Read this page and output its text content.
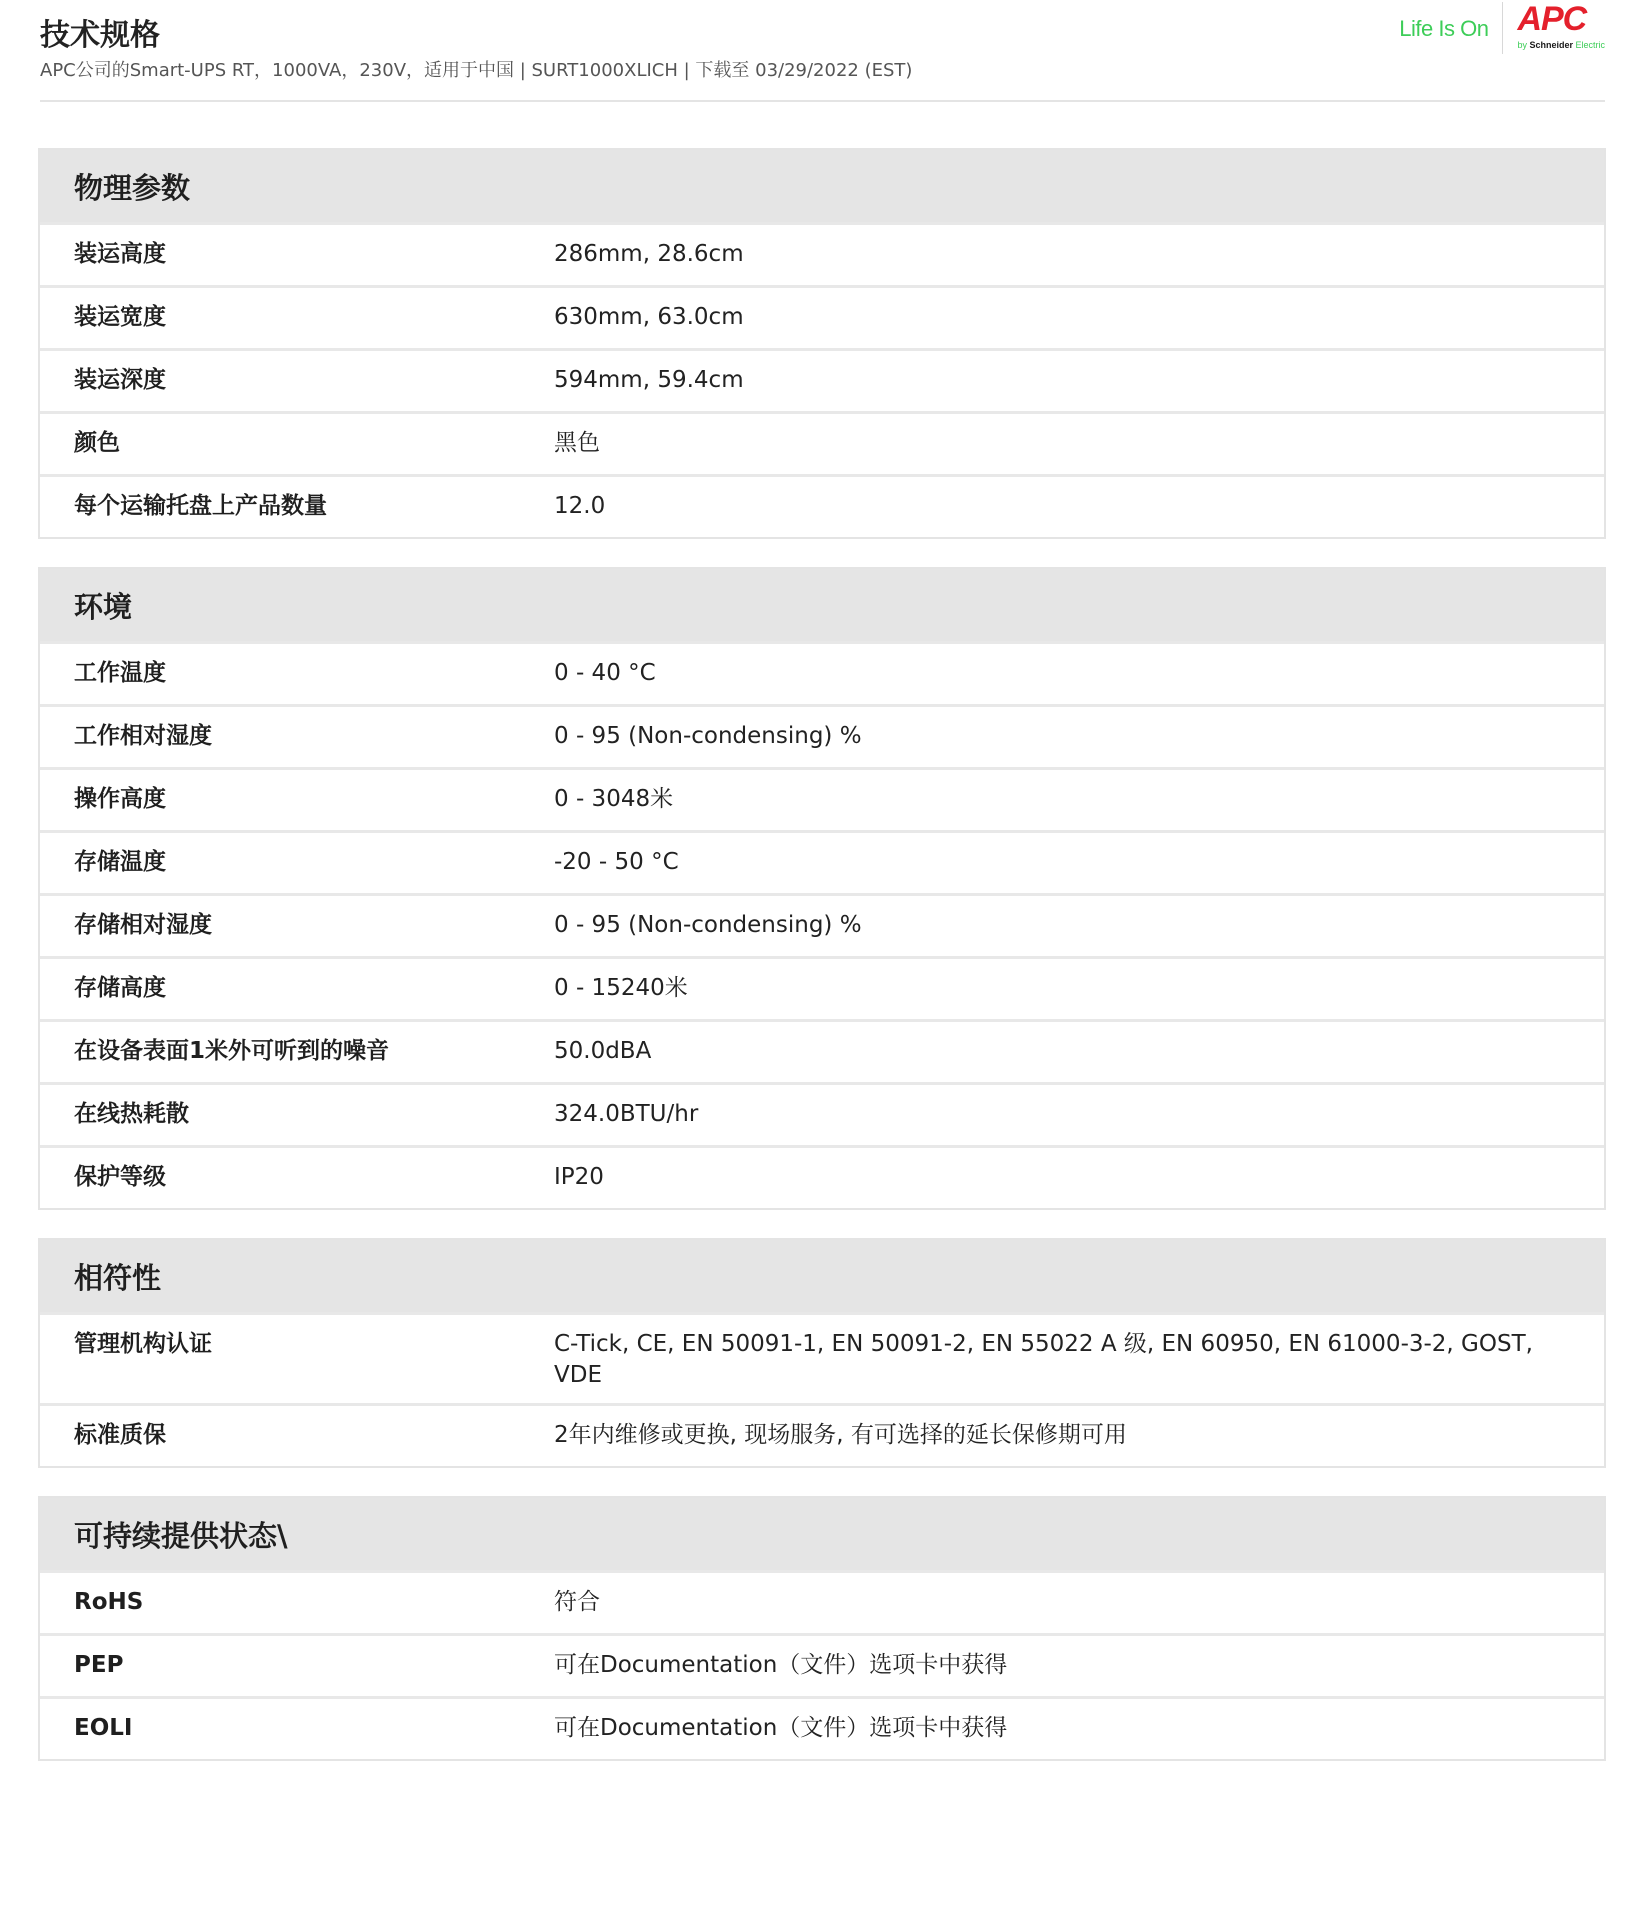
技术规格
APC公司的Smart-UPS RT，1000VA，230V，适用于中国 | SURT1000XLICH | 下载至 03/29/2022 (EST)
Life Is On APC
by Schneider Electric
物理参数
装运高度	286mm, 28.6cm
装运宽度	630mm, 63.0cm
装运深度	594mm, 59.4cm
颜色	黑色
每个运输托盘上产品数量	12.0
环境
工作温度	0 - 40 °C
工作相对湿度	0 - 95 (Non-condensing) %
操作高度	0 - 3048米
存储温度	-20 - 50 °C
存储相对湿度	0 - 95 (Non-condensing) %
存储高度	0 - 15240米
在设备表面1米外可听到的噪音	50.0dBA
在线热耗散	324.0BTU/hr
保护等级	IP20
相符性
管理机构认证	C-Tick, CE, EN 50091-1, EN 50091-2, EN 55022 A 级, EN 60950, EN 61000-3-2, GOST, VDE
标准质保	2年内维修或更换, 现场服务, 有可选择的延长保修期可用
可持续提供状态\
RoHS	符合
PEP	可在Documentation（文件）选项卡中获得
EOLI	可在Documentation（文件）选项卡中获得
